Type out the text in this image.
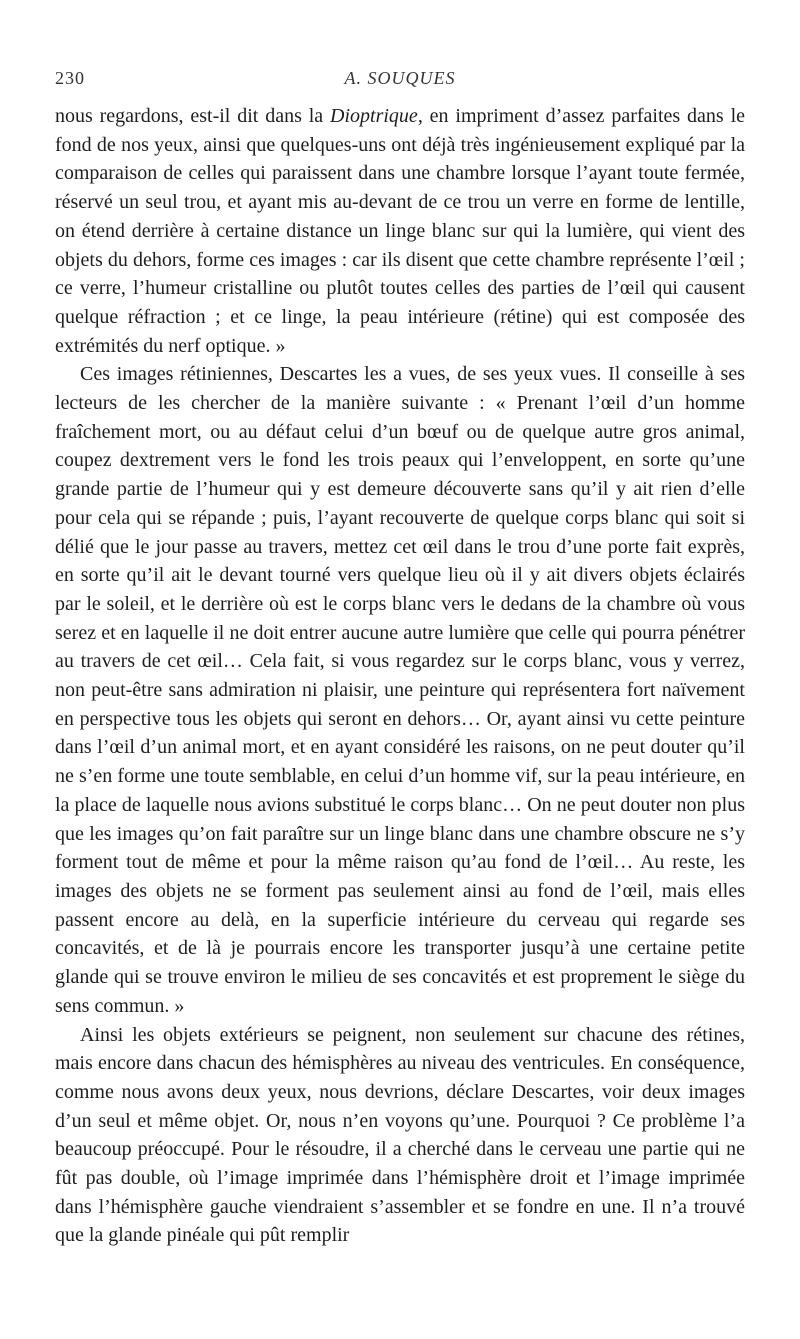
230	A. SOUQUES

nous regardons, est-il dit dans la Dioptrique, en impriment d’assez parfaites dans le fond de nos yeux, ainsi que quelques-uns ont déjà très ingénieusement expliqué par la comparaison de celles qui paraissent dans une chambre lorsque l’ayant toute fermée, réservé un seul trou, et ayant mis au-devant de ce trou un verre en forme de lentille, on étend derrière à certaine distance un linge blanc sur qui la lumière, qui vient des objets du dehors, forme ces images : car ils disent que cette chambre représente l’œil ; ce verre, l’humeur cristalline ou plutôt toutes celles des parties de l’œil qui causent quelque réfraction ; et ce linge, la peau intérieure (rétine) qui est composée des extrémités du nerf optique. »

Ces images rétiniennes, Descartes les a vues, de ses yeux vues. Il conseille à ses lecteurs de les chercher de la manière suivante : « Prenant l’œil d’un homme fraîchement mort, ou au défaut celui d’un bœuf ou de quelque autre gros animal, coupez dextrement vers le fond les trois peaux qui l’enveloppent, en sorte qu’une grande partie de l’humeur qui y est demeure découverte sans qu’il y ait rien d’elle pour cela qui se répande ; puis, l’ayant recouverte de quelque corps blanc qui soit si délié que le jour passe au travers, mettez cet œil dans le trou d’une porte fait exprès, en sorte qu’il ait le devant tourné vers quelque lieu où il y ait divers objets éclairés par le soleil, et le derrière où est le corps blanc vers le dedans de la chambre où vous serez et en laquelle il ne doit entrer aucune autre lumière que celle qui pourra pénétrer au travers de cet œil… Cela fait, si vous regardez sur le corps blanc, vous y verrez, non peut-être sans admiration ni plaisir, une peinture qui représentera fort naïvement en perspective tous les objets qui seront en dehors… Or, ayant ainsi vu cette peinture dans l’œil d’un animal mort, et en ayant considéré les raisons, on ne peut douter qu’il ne s’en forme une toute semblable, en celui d’un homme vif, sur la peau intérieure, en la place de laquelle nous avions substitué le corps blanc… On ne peut douter non plus que les images qu’on fait paraître sur un linge blanc dans une chambre obscure ne s’y forment tout de même et pour la même raison qu’au fond de l’œil… Au reste, les images des objets ne se forment pas seulement ainsi au fond de l’œil, mais elles passent encore au delà, en la superficie intérieure du cerveau qui regarde ses concavités, et de là je pourrais encore les transporter jusqu’à une certaine petite glande qui se trouve environ le milieu de ses concavités et est proprement le siège du sens commun. »

Ainsi les objets extérieurs se peignent, non seulement sur chacune des rétines, mais encore dans chacun des hémisphères au niveau des ventricules. En conséquence, comme nous avons deux yeux, nous devrions, déclare Descartes, voir deux images d’un seul et même objet. Or, nous n’en voyons qu’une. Pourquoi ? Ce problème l’a beaucoup préoccupé. Pour le résoudre, il a cherché dans le cerveau une partie qui ne fût pas double, où l’image imprimée dans l’hémisphère droit et l’image imprimée dans l’hémisphère gauche viendraient s’assembler et se fondre en une. Il n’a trouvé que la glande pinéale qui pût remplir
